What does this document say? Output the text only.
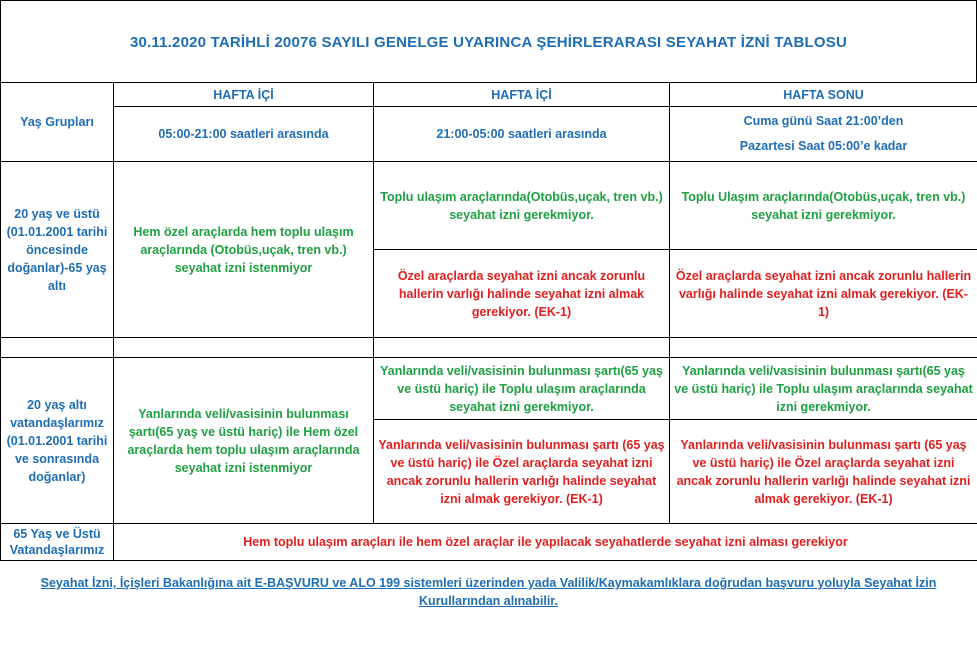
30.11.2020 TARİHLİ 20076 SAYILI GENELGE UYARINCA ŞEHİRLERARASI SEYAHAT İZNİ TABLOSU
Yaş Grupları	HAFTA İÇİ	HAFTA İÇİ	HAFTA SONU
	05:00-21:00 saatleri arasında	21:00-05:00 saatleri arasında	Cuma günü Saat 21:00’den
Pazartesi Saat 05:00’e kadar

20 yaş ve üstü (01.01.2001 tarihi öncesinde doğanlar)-65 yaş altı	Hem özel araçlarda hem toplu ulaşım araçlarında (Otobüs,uçak, tren vb.) seyahat izni istenmiyor	Toplu ulaşım araçlarında(Otobüs,uçak, tren vb.) seyahat izni gerekmiyor.	Toplu Ulaşım araçlarında(Otobüs,uçak, tren vb.) seyahat izni gerekmiyor.
		Özel araçlarda seyahat izni ancak zorunlu hallerin varlığı halinde seyahat izni almak gerekiyor. (EK-1)	Özel araçlarda seyahat izni ancak zorunlu hallerin varlığı halinde seyahat izni almak gerekiyor. (EK-1)

20 yaş altı vatandaşlarımız (01.01.2001 tarihi ve sonrasında doğanlar)	Yanlarında veli/vasisinin bulunması şartı(65 yaş ve üstü hariç) ile Hem özel araçlarda hem toplu ulaşım araçlarında seyahat izni istenmiyor	Yanlarında veli/vasisinin bulunması şartı(65 yaş ve üstü hariç) ile Toplu ulaşım araçlarında seyahat izni gerekmiyor.	Yanlarında veli/vasisinin bulunması şartı(65 yaş ve üstü hariç) ile Toplu ulaşım araçlarında seyahat izni gerekmiyor.
		Yanlarında veli/vasisinin bulunması şartı (65 yaş ve üstü hariç) ile Özel araçlarda seyahat izni ancak zorunlu hallerin varlığı halinde seyahat izni almak gerekiyor. (EK-1)	Yanlarında veli/vasisinin bulunması şartı (65 yaş ve üstü hariç) ile Özel araçlarda seyahat izni ancak zorunlu hallerin varlığı halinde seyahat izni almak gerekiyor. (EK-1)
65 Yaş ve Üstü Vatandaşlarımız	Hem toplu ulaşım araçları ile hem özel araçlar ile yapılacak seyahatlerde seyahat izni alması gerekiyor		
Seyahat İzni, İçişleri Bakanlığına ait E-BAŞVURU ve ALO 199 sistemleri üzerinden yada Valilik/Kaymakamlıklara doğrudan başvuru yoluyla Seyahat İzin Kurullarından alınabilir.
